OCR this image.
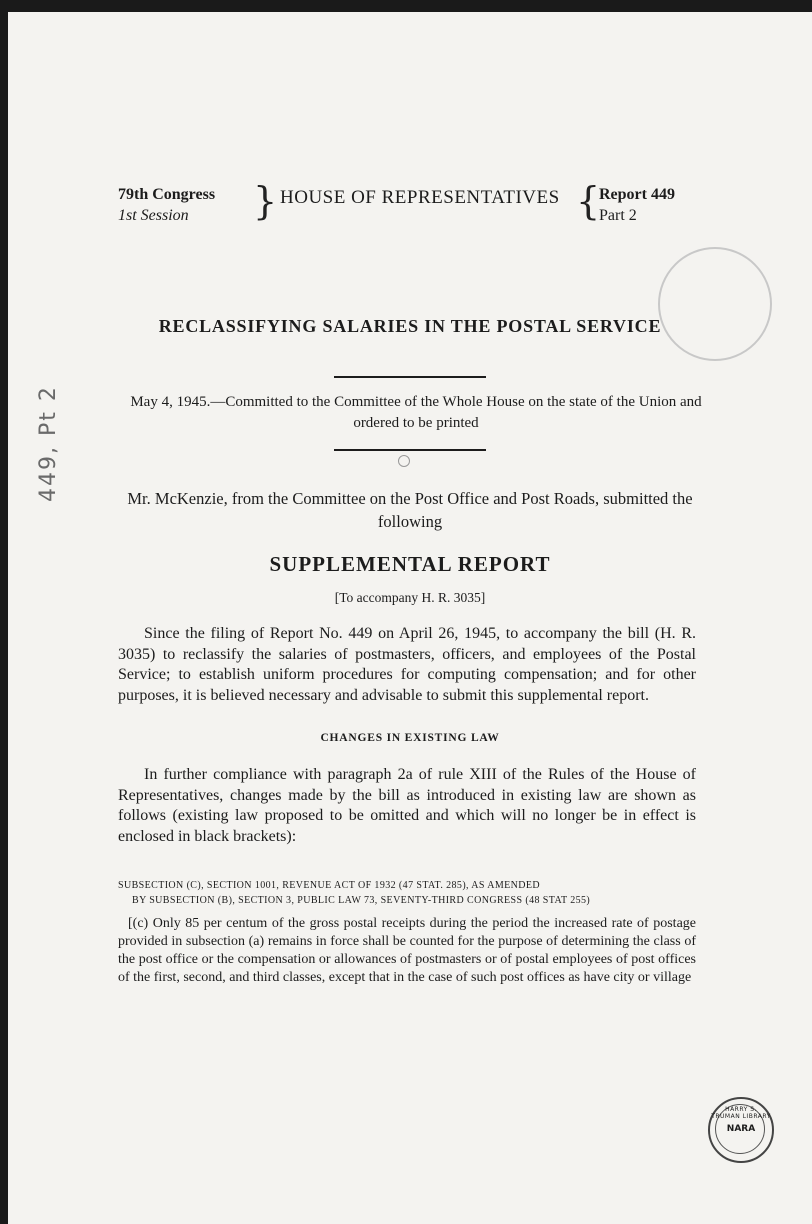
79th Congress
1st Session	} HOUSE OF REPRESENTATIVES {
Report 449
Part 2
RECLASSIFYING SALARIES IN THE POSTAL SERVICE
May 4, 1945.—Committed to the Committee of the Whole House on the state of the Union and ordered to be printed
Mr. McKenzie, from the Committee on the Post Office and Post Roads, submitted the following
SUPPLEMENTAL REPORT
[To accompany H. R. 3035]
Since the filing of Report No. 449 on April 26, 1945, to accompany the bill (H. R. 3035) to reclassify the salaries of postmasters, officers, and employees of the Postal Service; to establish uniform procedures for computing compensation; and for other purposes, it is believed necessary and advisable to submit this supplemental report.
CHANGES IN EXISTING LAW
In further compliance with paragraph 2a of rule XIII of the Rules of the House of Representatives, changes made by the bill as introduced in existing law are shown as follows (existing law proposed to be omitted and which will no longer be in effect is enclosed in black brackets):
SUBSECTION (C), SECTION 1001, REVENUE ACT OF 1932 (47 STAT. 285), AS AMENDED
BY SUBSECTION (B), SECTION 3, PUBLIC LAW 73, SEVENTY-THIRD CONGRESS (48 STAT 255)
[(c) Only 85 per centum of the gross postal receipts during the period the increased rate of postage provided in subsection (a) remains in force shall be counted for the purpose of determining the class of the post office or the compensation or allowances of postmasters or of postal employees of post offices of the first, second, and third classes, except that in the case of such post offices as have city or village
449, Pt 2
HARRY S. TRUMAN LIBRARY
NARA
